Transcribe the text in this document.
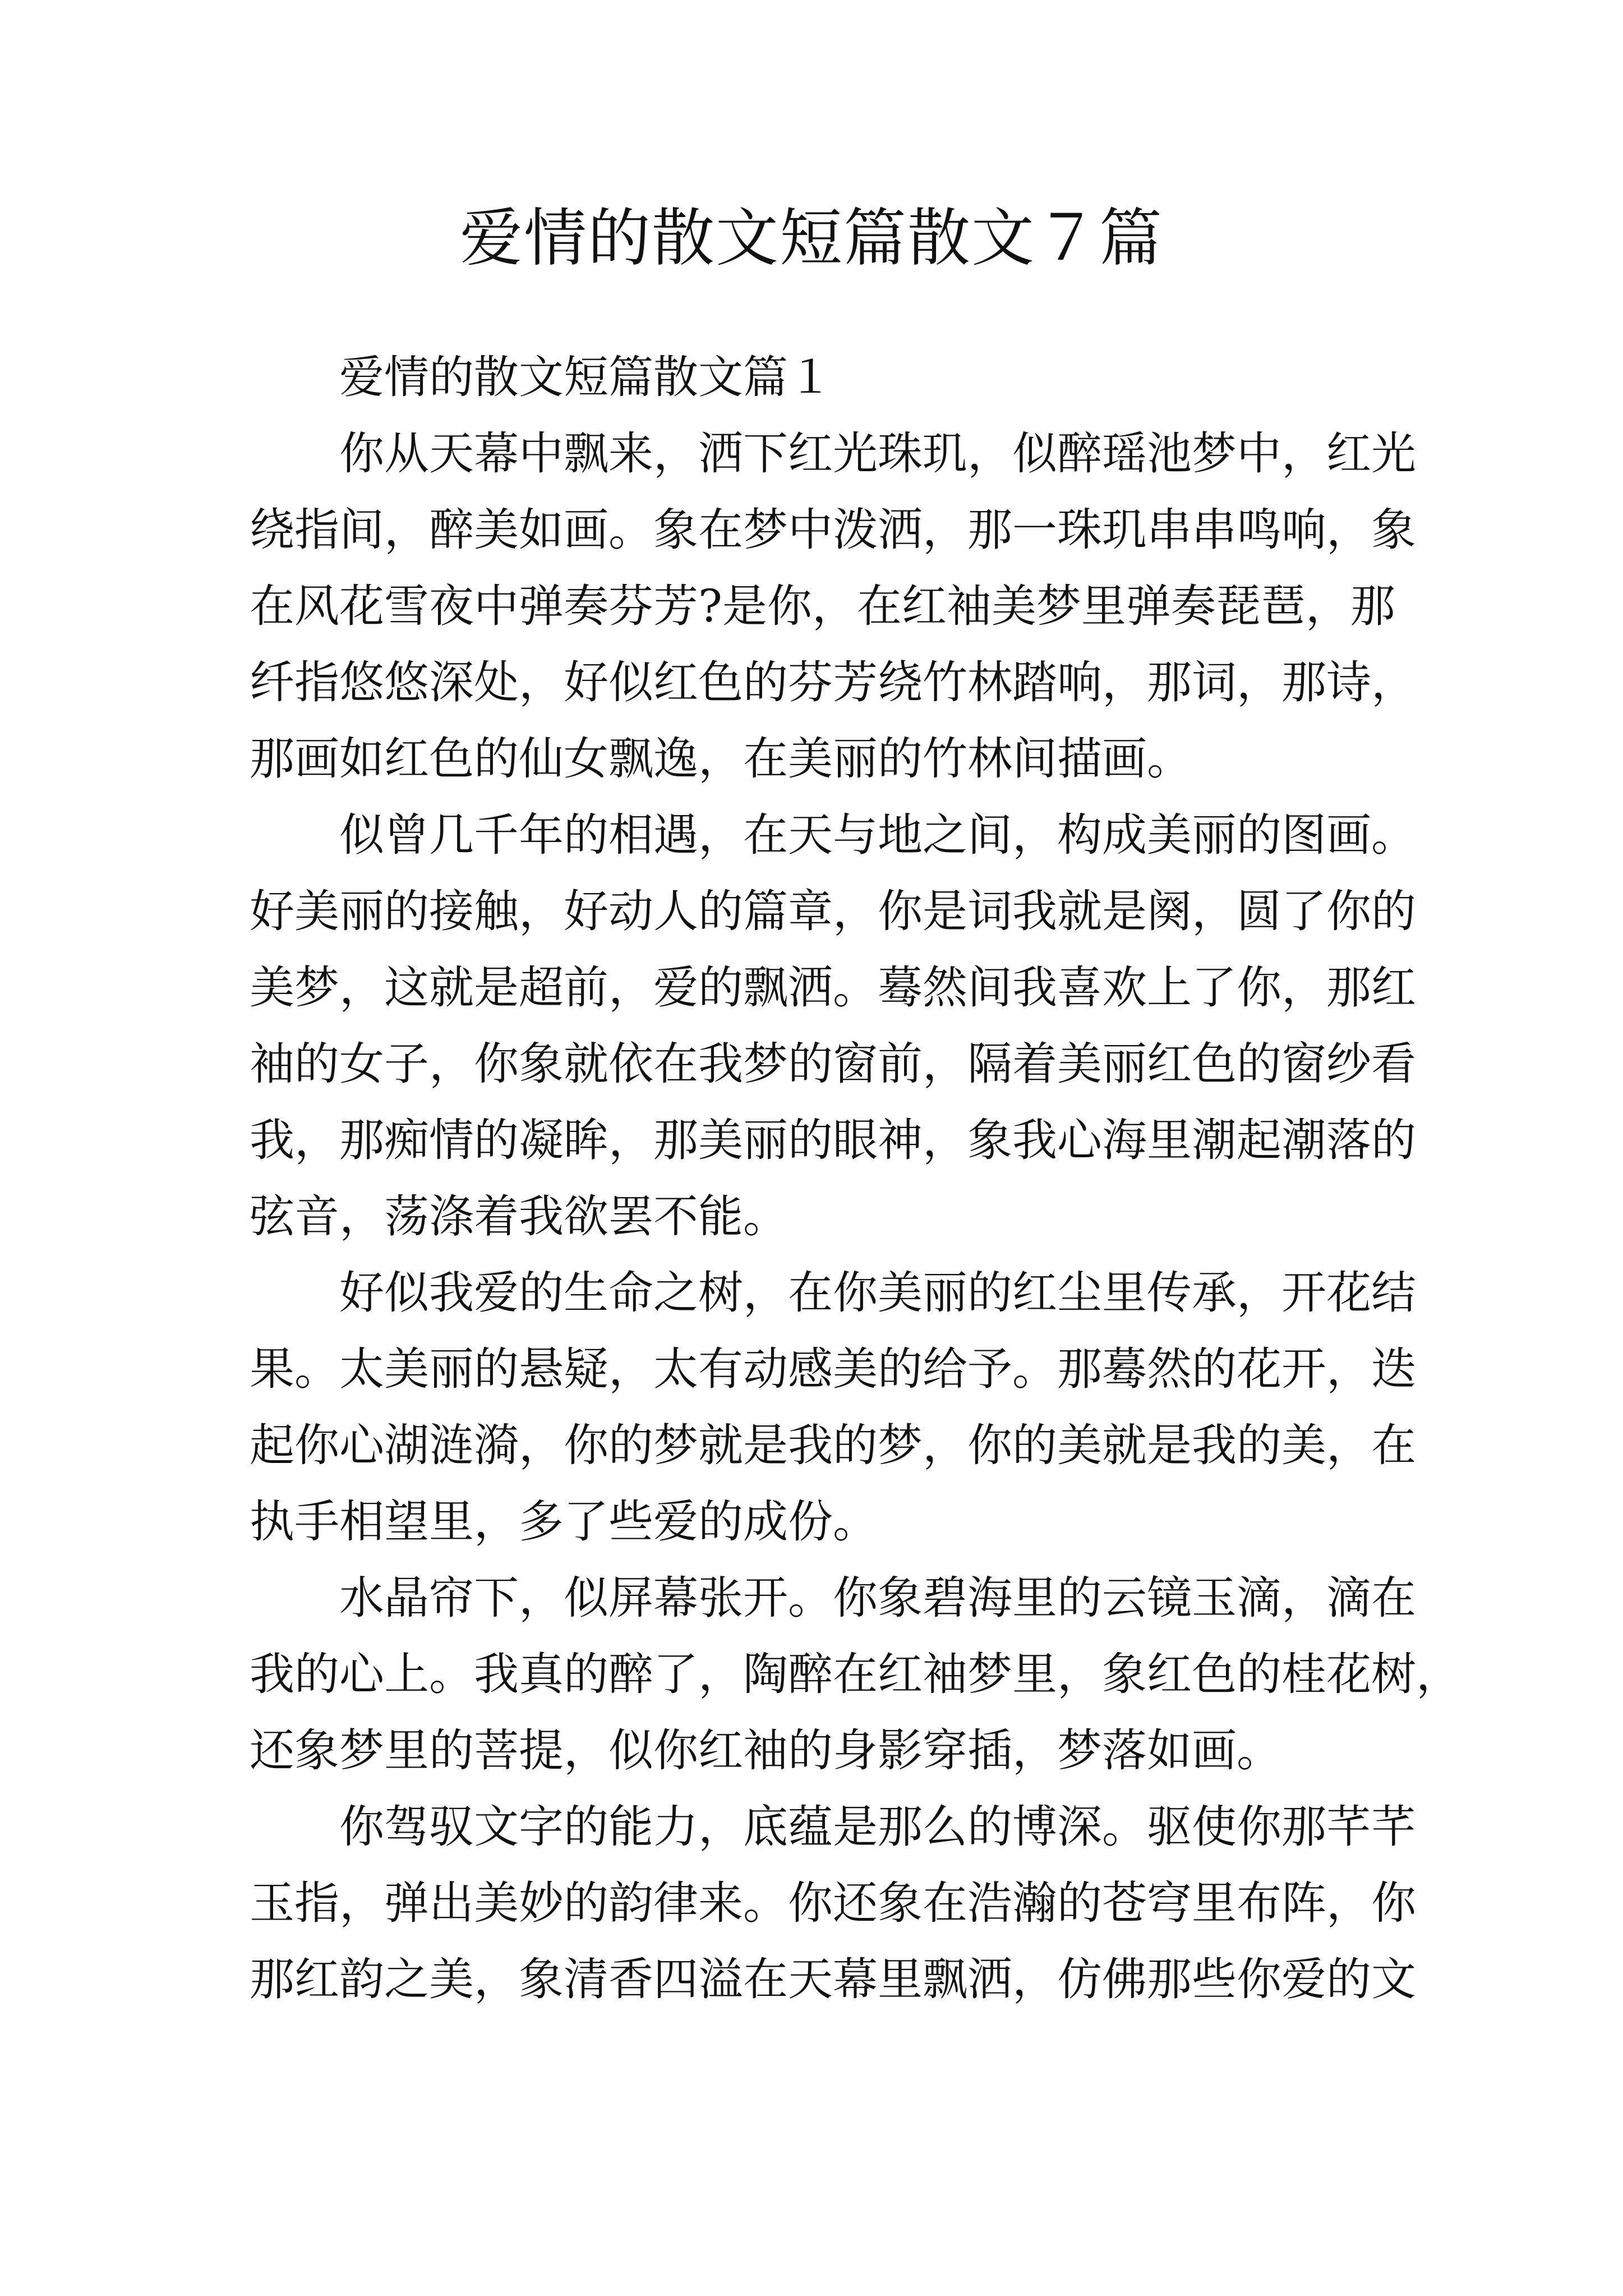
爱情的散文短篇散文７篇

爱情的散文短篇散文篇１

你从天幕中飘来，洒下红光珠玑，似醉瑶池梦中，红光
绕指间，醉美如画。象在梦中泼洒，那一珠玑串串鸣响，象
在风花雪夜中弹奏芬芳?是你，在红袖美梦里弹奏琵琶，那
纤指悠悠深处，好似红色的芬芳绕竹林踏响，那词，那诗，
那画如红色的仙女飘逸，在美丽的竹林间描画。

似曾几千年的相遇，在天与地之间，构成美丽的图画。
好美丽的接触，好动人的篇章，你是词我就是阕，圆了你的
美梦，这就是超前，爱的飘洒。蓦然间我喜欢上了你，那红
袖的女子，你象就依在我梦的窗前，隔着美丽红色的窗纱看
我，那痴情的凝眸，那美丽的眼神，象我心海里潮起潮落的
弦音，荡涤着我欲罢不能。

好似我爱的生命之树，在你美丽的红尘里传承，开花结
果。太美丽的悬疑，太有动感美的给予。那蓦然的花开，迭
起你心湖涟漪，你的梦就是我的梦，你的美就是我的美，在
执手相望里，多了些爱的成份。

水晶帘下，似屏幕张开。你象碧海里的云镜玉滴，滴在
我的心上。我真的醉了，陶醉在红袖梦里，象红色的桂花树，
还象梦里的菩提，似你红袖的身影穿插，梦落如画。

你驾驭文字的能力，底蕴是那么的博深。驱使你那芊芊
玉指，弹出美妙的韵律来。你还象在浩瀚的苍穹里布阵，你
那红韵之美，象清香四溢在天幕里飘洒，仿佛那些你爱的文
